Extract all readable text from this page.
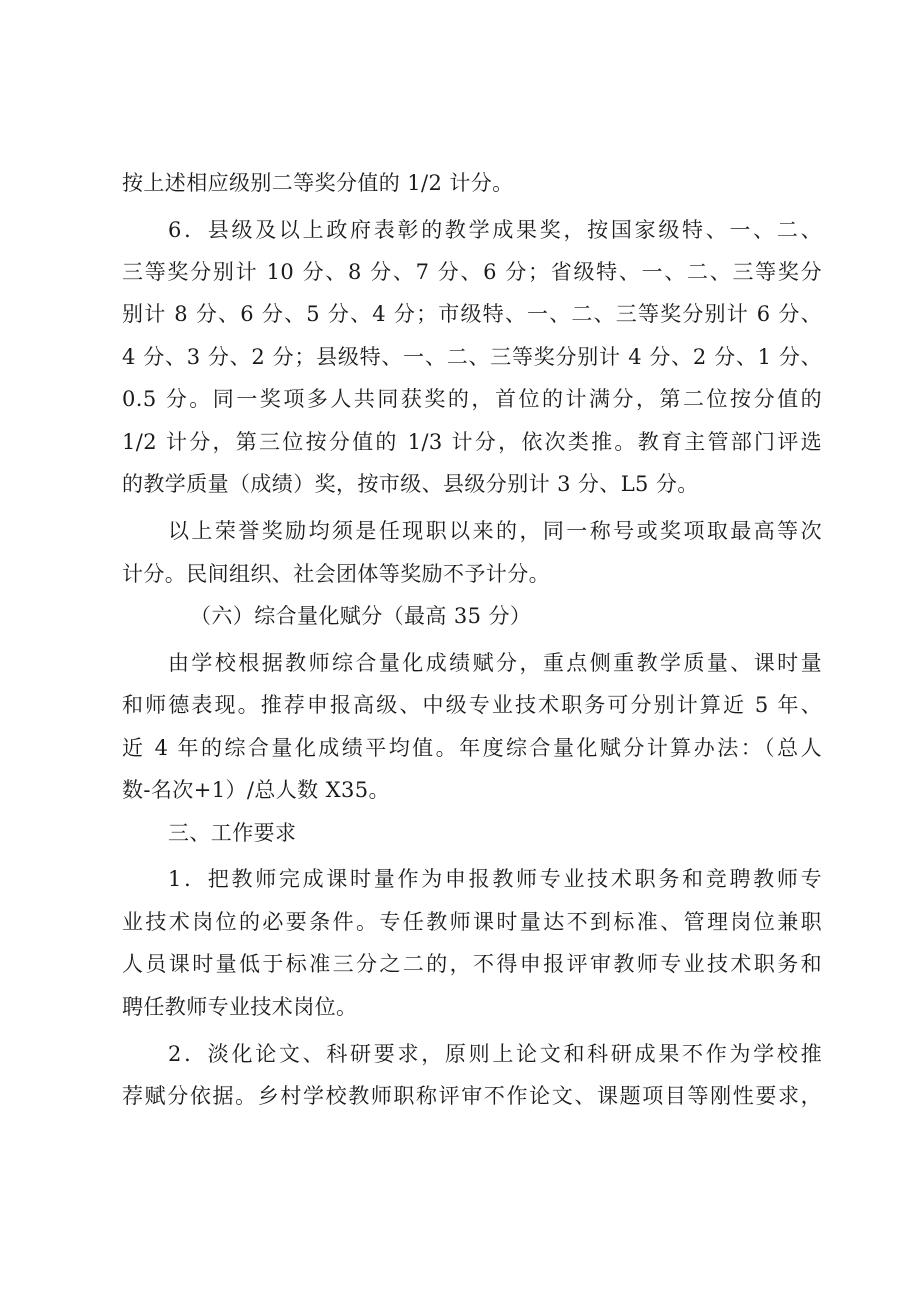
按上述相应级别二等奖分值的 1/2 计分。

6．县级及以上政府表彰的教学成果奖，按国家级特、一、二、

三等奖分别计 10 分、8 分、7 分、6 分；省级特、一、二、三等奖分

别计 8 分、6 分、5 分、4 分；市级特、一、二、三等奖分别计 6 分、

4 分、3 分、2 分；县级特、一、二、三等奖分别计 4 分、2 分、1 分、

0.5 分。同一奖项多人共同获奖的，首位的计满分，第二位按分值的

1/2 计分，第三位按分值的 1/3 计分，依次类推。教育主管部门评选

的教学质量（成绩）奖，按市级、县级分别计 3 分、L5 分。

以上荣誉奖励均须是任现职以来的，同一称号或奖项取最高等次

计分。民间组织、社会团体等奖励不予计分。

（六）综合量化赋分（最高 35 分）

由学校根据教师综合量化成绩赋分，重点侧重教学质量、课时量

和师德表现。推荐申报高级、中级专业技术职务可分别计算近 5 年、

近 4 年的综合量化成绩平均值。年度综合量化赋分计算办法：（总人

数-名次+1）/总人数 X35。

三、工作要求

1．把教师完成课时量作为申报教师专业技术职务和竞聘教师专

业技术岗位的必要条件。专任教师课时量达不到标准、管理岗位兼职

人员课时量低于标准三分之二的，不得申报评审教师专业技术职务和

聘任教师专业技术岗位。

2．淡化论文、科研要求，原则上论文和科研成果不作为学校推

荐赋分依据。乡村学校教师职称评审不作论文、课题项目等刚性要求，
